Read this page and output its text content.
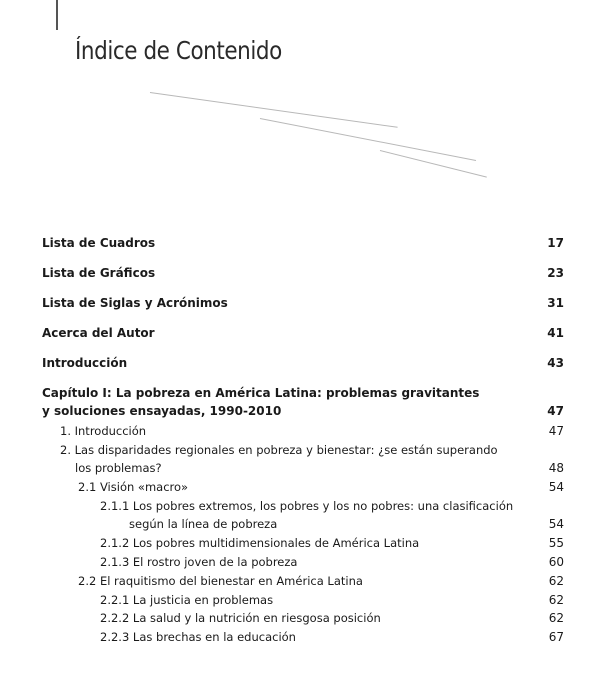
Índice de Contenido
Lista de Cuadros	17
Lista de Gráficos	23
Lista de Siglas y Acrónimos	31
Acerca del Autor	41
Introducción	43
Capítulo I: La pobreza en América Latina: problemas gravitantes
y soluciones ensayadas, 1990-2010	47
1. Introducción	47
2. Las disparidades regionales en pobreza y bienestar: ¿se están superando
los problemas?	48
2.1 Visión «macro»	54
2.1.1 Los pobres extremos, los pobres y los no pobres: una clasificación
según la línea de pobreza	54
2.1.2 Los pobres multidimensionales de América Latina	55
2.1.3 El rostro joven de la pobreza	60
2.2 El raquitismo del bienestar en América Latina	62
2.2.1 La justicia en problemas	62
2.2.2 La salud y la nutrición en riesgosa posición	62
2.2.3 Las brechas en la educación	67
